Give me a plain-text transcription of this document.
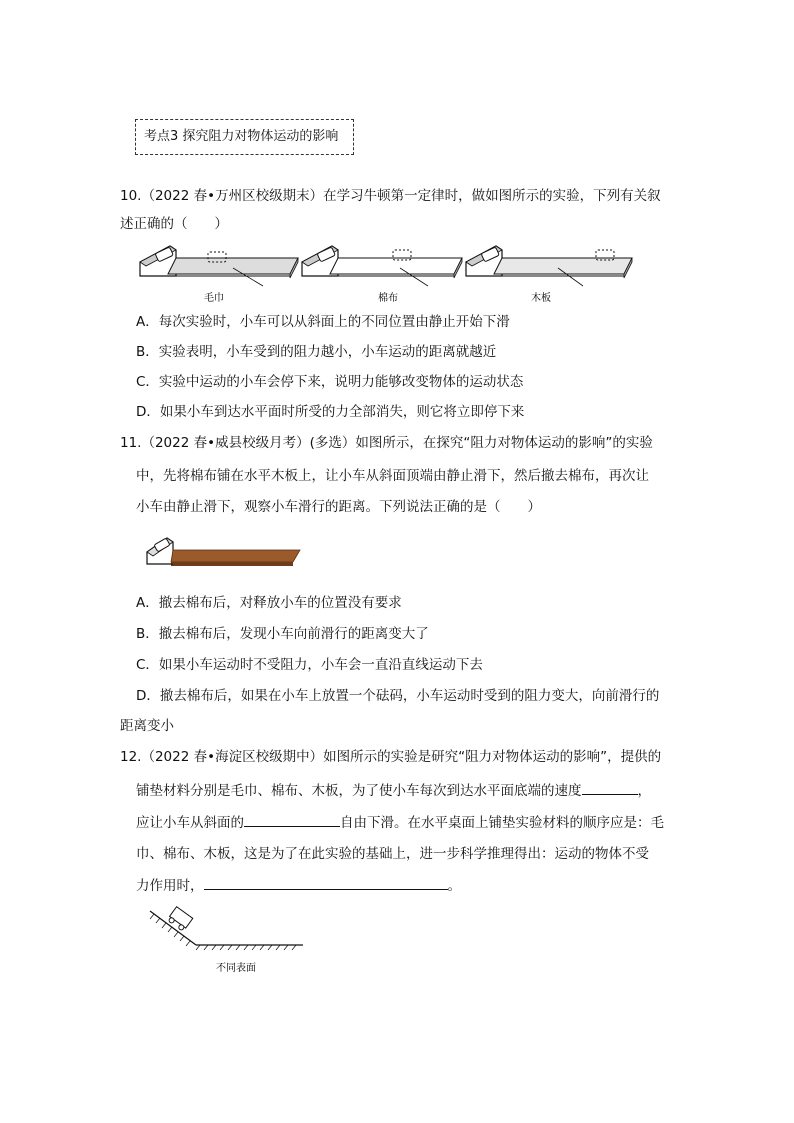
考点3 探究阻力对物体运动的影响
10.（2022 春•万州区校级期末）在学习牛顿第一定律时，做如图所示的实验，下列有关叙
述正确的（　　）
毛巾	棉布	木板
A．每次实验时，小车可以从斜面上的不同位置由静止开始下滑
B．实验表明，小车受到的阻力越小，小车运动的距离就越近
C．实验中运动的小车会停下来，说明力能够改变物体的运动状态
D．如果小车到达水平面时所受的力全部消失，则它将立即停下来
11.（2022 春•威县校级月考）(多选）如图所示，在探究“阻力对物体运动的影响”的实验
中，先将棉布铺在水平木板上，让小车从斜面顶端由静止滑下，然后撤去棉布，再次让
小车由静止滑下，观察小车滑行的距离。下列说法正确的是（　　）
A．撤去棉布后，对释放小车的位置没有要求
B．撤去棉布后，发现小车向前滑行的距离变大了
C．如果小车运动时不受阻力，小车会一直沿直线运动下去
D．撤去棉布后，如果在小车上放置一个砝码，小车运动时受到的阻力变大，向前滑行的
距离变小
12.（2022 春•海淀区校级期中）如图所示的实验是研究“阻力对物体运动的影响”，提供的
铺垫材料分别是毛巾、棉布、木板，为了使小车每次到达水平面底端的速度	，
应让小车从斜面的	自由下滑。在水平桌面上铺垫实验材料的顺序应是：毛
巾、棉布、木板，这是为了在此实验的基础上，进一步科学推理得出：运动的物体不受
力作用时，	。
不同表面
